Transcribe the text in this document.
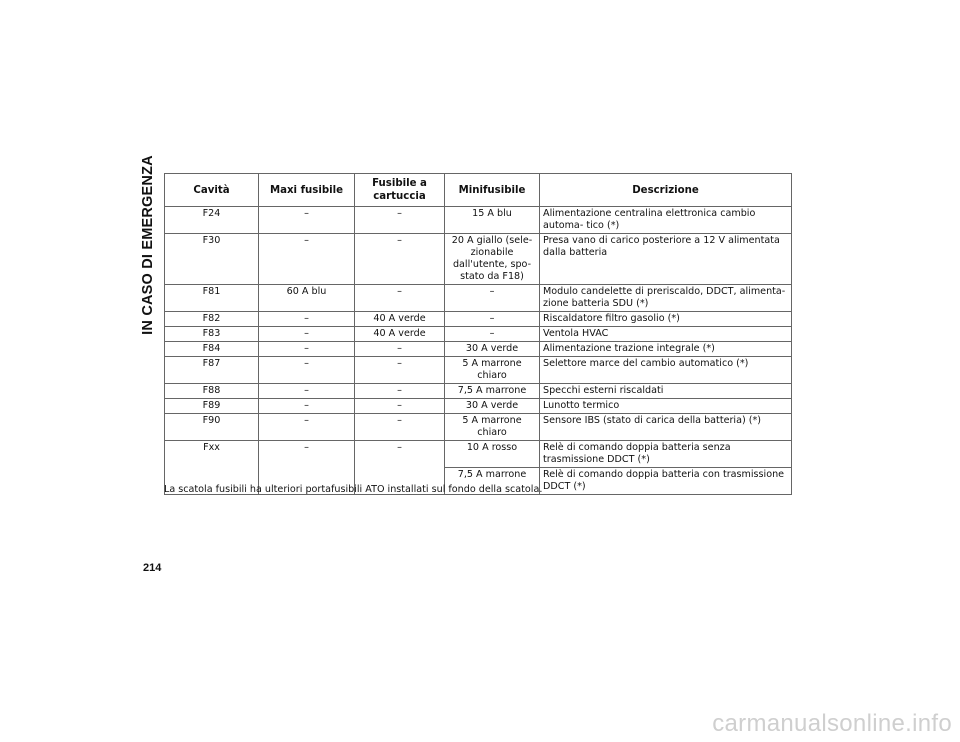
IN CASO DI EMERGENZA	Cavità	Maxi fusibile	Fusibile a cartuccia	Minifusibile	Descrizione
F24	–	–	15 A blu	Alimentazione centralina elettronica cambio automa- tico (*)
F30	–	–	20 A giallo (sele- zionabile dall'utente, spo- stato da F18)	Presa vano di carico posteriore a 12 V alimentata dalla batteria
F81	60 A blu	–	–	Modulo candelette di preriscaldo, DDCT, alimenta- zione batteria SDU (*)
F82	–	40 A verde	–	Riscaldatore filtro gasolio (*)
F83	–	40 A verde	–	Ventola HVAC
F84	–	–	30 A verde	Alimentazione trazione integrale (*)
F87	–	–	5 A marrone chiaro	Selettore marce del cambio automatico (*)
F88	–	–	7,5 A marrone	Specchi esterni riscaldati
F89	–	–	30 A verde	Lunotto termico
F90	–	–	5 A marrone chiaro	Sensore IBS (stato di carica della batteria) (*)
Fxx	–	–	10 A rosso	Relè di comando doppia batteria senza trasmissione DDCT (*)
			7,5 A marrone	Relè di comando doppia batteria con trasmissione DDCT (*)
La scatola fusibili ha ulteriori portafusibili ATO installati sul fondo della scatola.
214
carmanualsonline.info
